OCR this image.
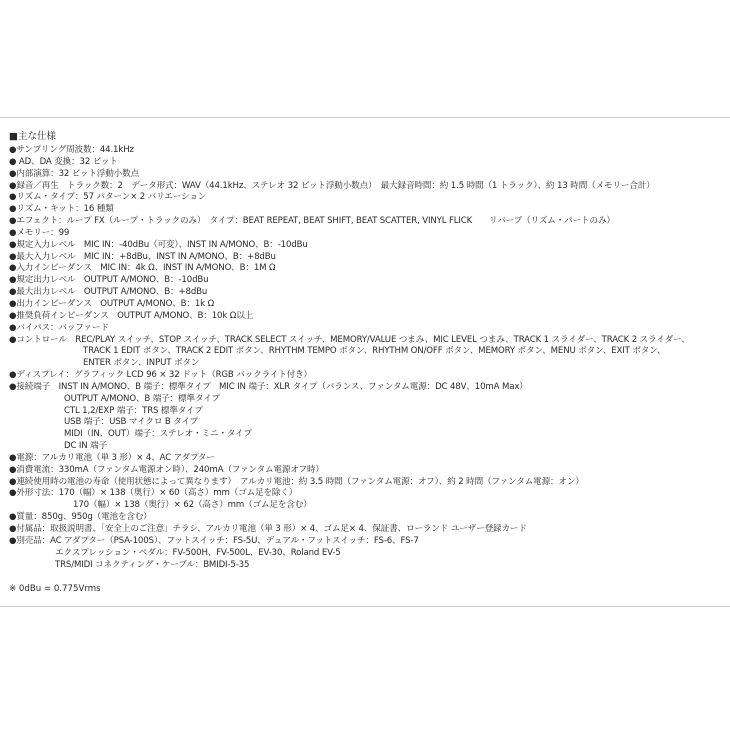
■主な仕様
●サンプリング周波数：44.1kHz
● AD、DA 変換：32 ビット
●内部演算：32 ビット浮動小数点
●録音／再生　トラック数：2　データ形式：WAV（44.1kHz、ステレオ 32 ビット浮動小数点）　最大録音時間：約 1.5 時間（1 トラック）、約 13 時間（メモリー合計）
●リズム・タイプ：57 パターン× 2 バリエーション
●リズム・キット：16 種類
●エフェクト：ループ FX（ループ・トラックのみ）　タイプ：BEAT REPEAT, BEAT SHIFT, BEAT SCATTER, VINYL FLICK　　リバーブ（リズム・パートのみ）
●メモリー：99
●規定入力レベル　MIC IN：-40dBu（可変）、INST IN A/MONO、B：-10dBu
●最大入力レベル　MIC IN：+8dBu、INST IN A/MONO、B：+8dBu
●入力インピーダンス　MIC IN：4k Ω、INST IN A/MONO、B：1M Ω
●規定出力レベル　OUTPUT A/MONO、B：-10dBu
●最大出力レベル　OUTPUT A/MONO、B：+8dBu
●出力インピーダンス　OUTPUT A/MONO、B：1k Ω
●推奨負荷インピーダンス　OUTPUT A/MONO、B：10k Ω以上
●バイパス：バッファード
●コントロール　REC/PLAY スイッチ、STOP スイッチ、TRACK SELECT スイッチ、MEMORY/VALUE つまみ、MIC LEVEL つまみ、TRACK 1 スライダー、TRACK 2 スライダー、
TRACK 1 EDIT ボタン、TRACK 2 EDIT ボタン、RHYTHM TEMPO ボタン、RHYTHM ON/OFF ボタン、MEMORY ボタン、MENU ボタン、EXIT ボタン、
ENTER ボタン、INPUT ボタン
●ディスプレイ：グラフィック LCD 96 × 32 ドット（RGB バックライト付き）
●接続端子　INST IN A/MONO、B 端子：標準タイプ　MIC IN 端子：XLR タイプ（バランス、ファンタム電源：DC 48V、10mA Max）
OUTPUT A/MONO、B 端子：標準タイプ
CTL 1,2/EXP 端子：TRS 標準タイプ
USB 端子：USB マイクロ B タイプ
MIDI（IN、OUT）端子：ステレオ・ミニ・タイプ
DC IN 端子
●電源：アルカリ電池（単 3 形）× 4、AC アダプター
●消費電流：330mA（ファンタム電源オン時）、240mA（ファンタム電源オフ時）
●連続使用時の電池の寿命（使用状態によって異なります）　アルカリ電池：約 3.5 時間（ファンタム電源：オフ）、約 2 時間（ファンタム電源：オン）
●外形寸法：170（幅）× 138（奥行）× 60（高さ）mm（ゴム足を除く）
170（幅）× 138（奥行）× 62（高さ）mm（ゴム足を含む）
●質量：850g、950g（電池を含む）
●付属品：取扱説明書、「安全上のご注意」チラシ、アルカリ電池（単 3 形）× 4、ゴム足× 4、保証書、ローランド ユーザー登録カード
●別売品：AC アダプター（PSA-100S）、フットスイッチ：FS-5U、デュアル・フットスイッチ：FS-6、FS-7
エクスプレッション・ペダル：FV-500H、FV-500L、EV-30、Roland EV-5
TRS/MIDI コネクティング・ケーブル：BMIDI-5-35
※ 0dBu = 0.775Vrms
